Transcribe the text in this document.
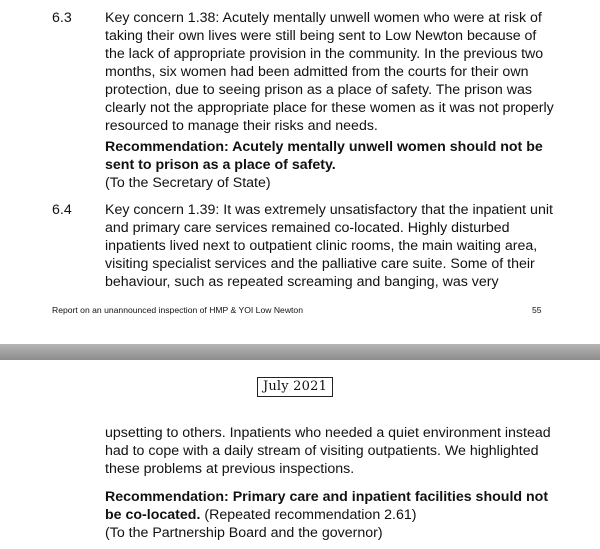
6.3 Key concern 1.38: Acutely mentally unwell women who were at risk of
taking their own lives were still being sent to Low Newton because of
the lack of appropriate provision in the community. In the previous two
months, six women had been admitted from the courts for their own
protection, due to seeing prison as a place of safety. The prison was
clearly not the appropriate place for these women as it was not properly
resourced to manage their risks and needs.
Recommendation: Acutely mentally unwell women should not be
sent to prison as a place of safety.
(To the Secretary of State)
6.4 Key concern 1.39: It was extremely unsatisfactory that the inpatient unit
and primary care services remained co-located. Highly disturbed
inpatients lived next to outpatient clinic rooms, the main waiting area,
visiting specialist services and the palliative care suite. Some of their
behaviour, such as repeated screaming and banging, was very
Report on an unannounced inspection of HMP & YOI Low Newton	55
July 2021
upsetting to others. Inpatients who needed a quiet environment instead
had to cope with a daily stream of visiting outpatients. We highlighted
these problems at previous inspections.
Recommendation: Primary care and inpatient facilities should not
be co-located. (Repeated recommendation 2.61)
(To the Partnership Board and the governor)
